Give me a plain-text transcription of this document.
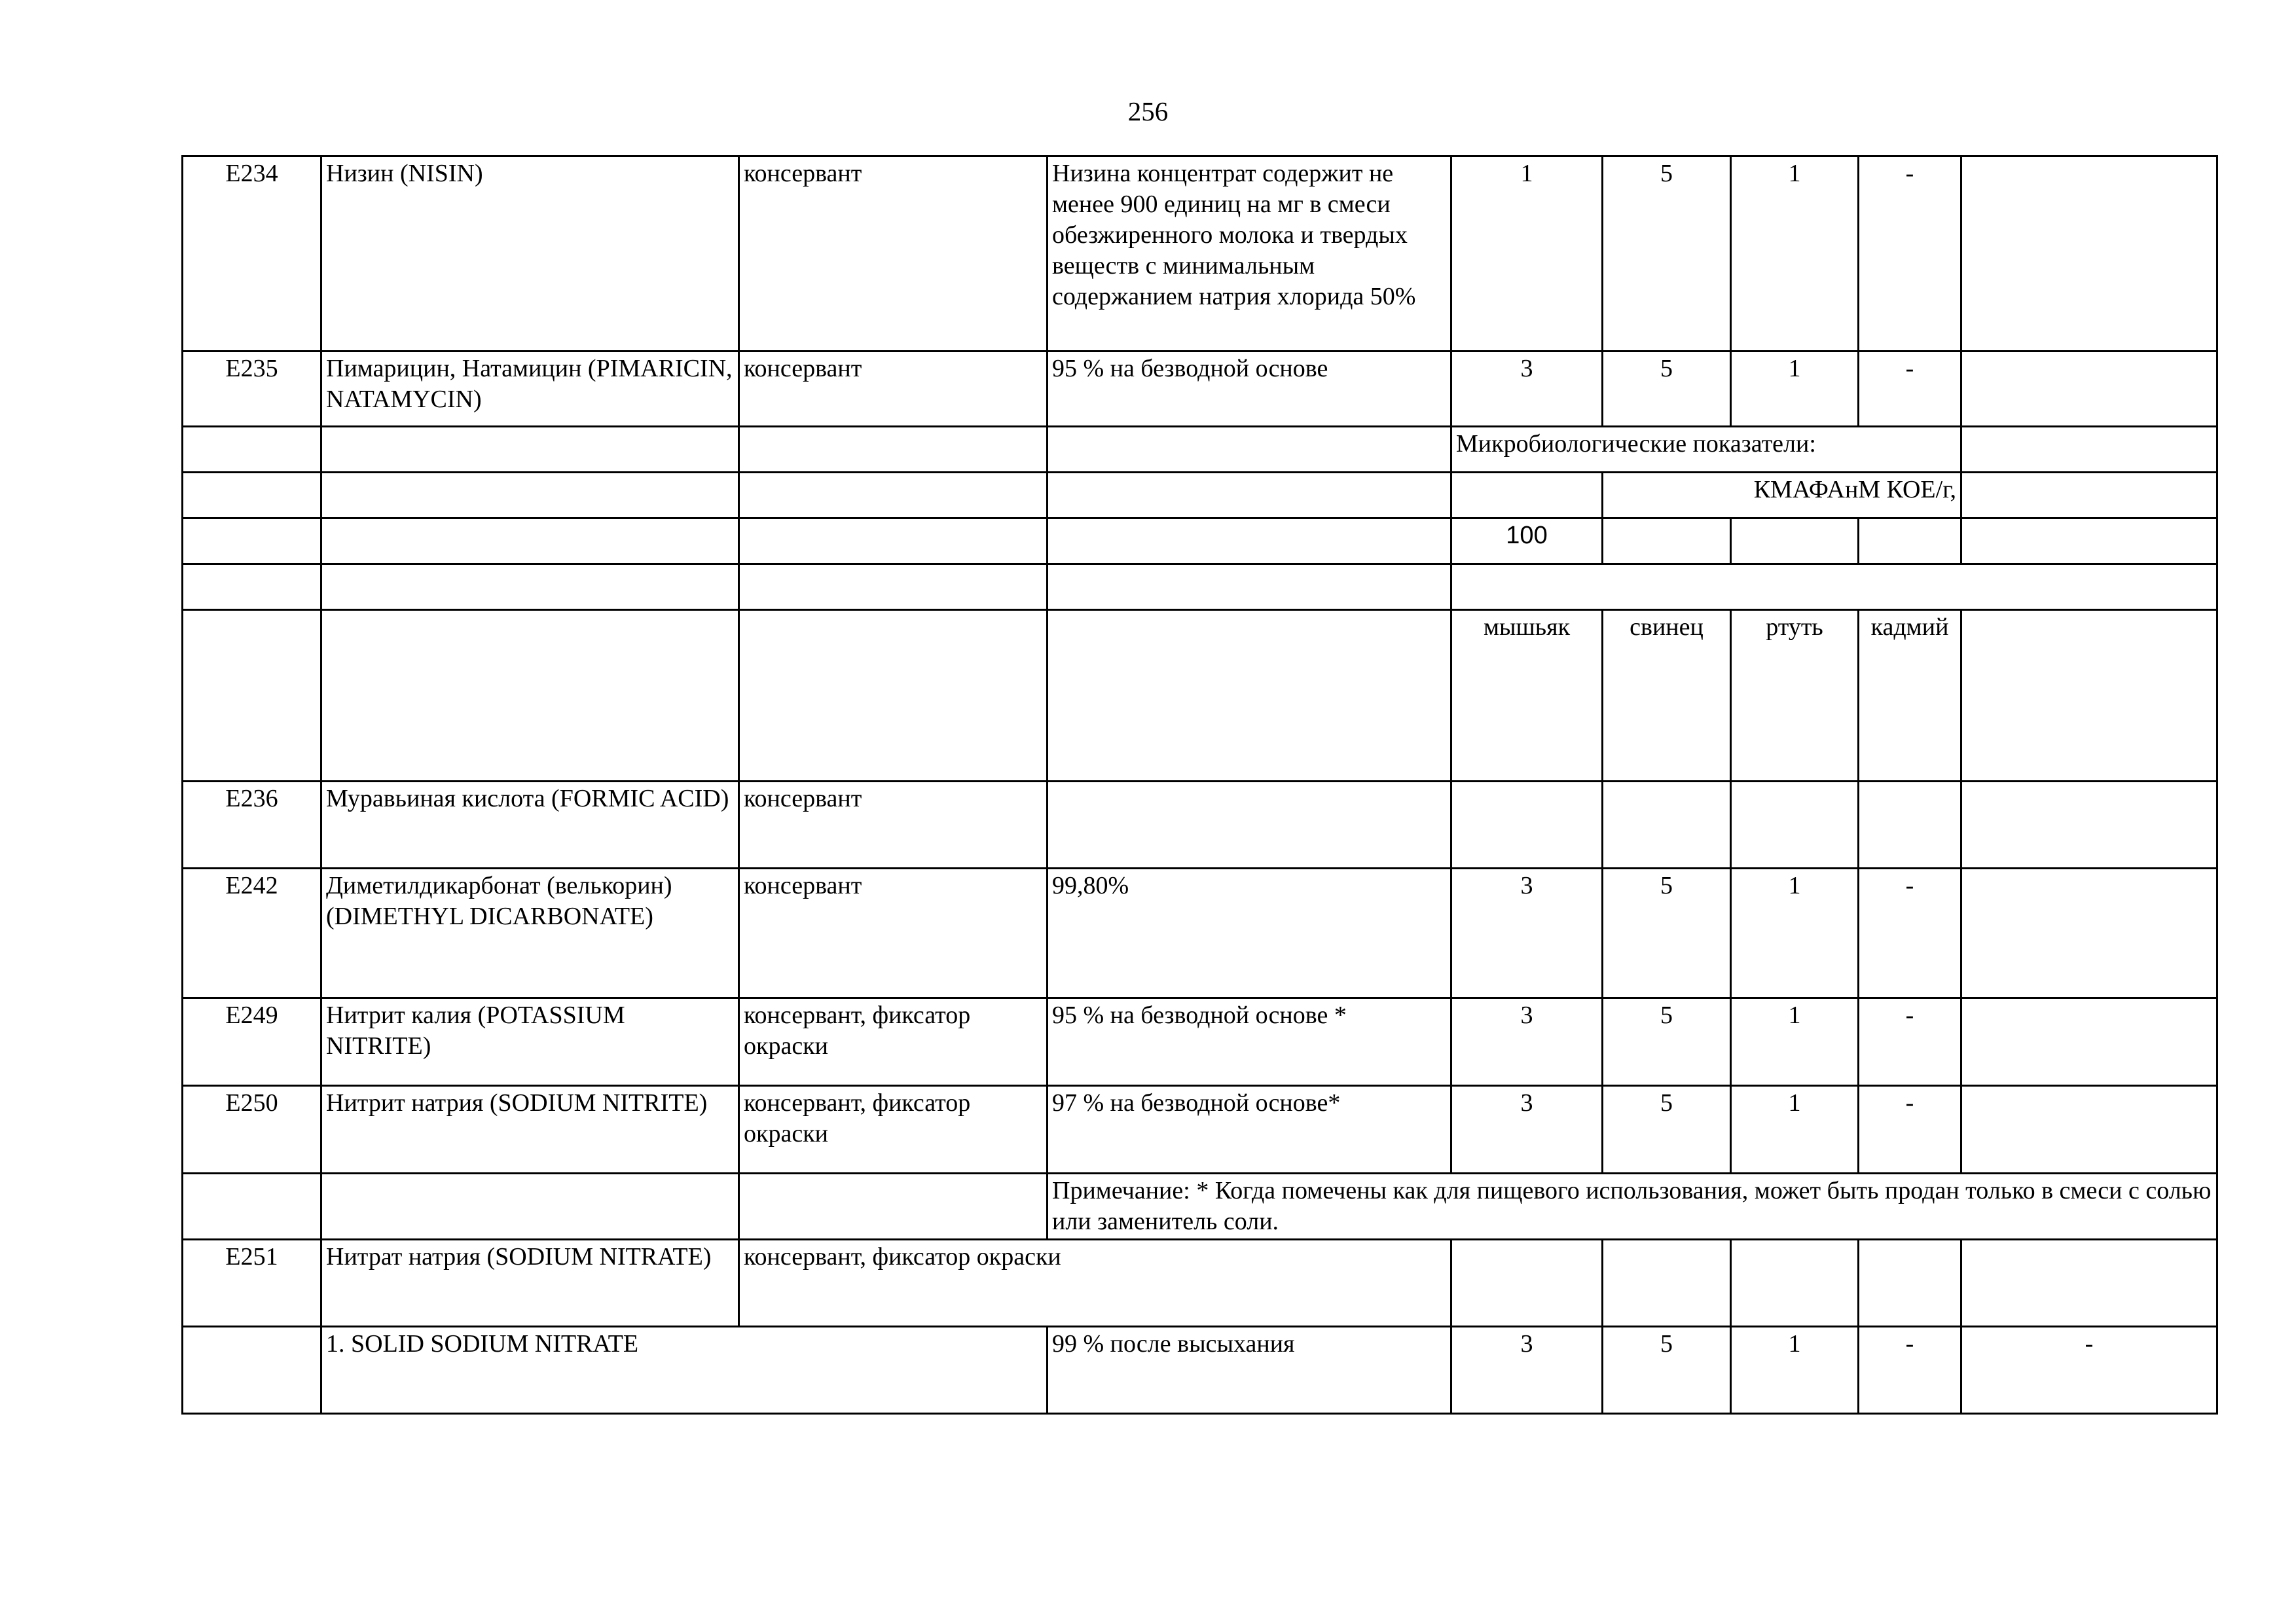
256
E234	Низин (NISIN)	консервант	Низина концентрат содержит не менее 900 единиц на мг в смеси обезжиренного молока и твердых веществ с минимальным содержанием натрия хлорида 50%	1	5	1	-	
E235	Пимарицин, Натамицин (PIMARICIN, NATAMYCIN)	консервант	95 % на безводной основе	3	5	1	-	
				Микробиологические показатели:				
					КМАФАнМ КОЕ/г,			
				100				

				мышьяк	свинец	ртуть	кадмий	
E236	Муравьиная кислота (FORMIC ACID)	консервант						
E242	Диметилдикарбонат (велькорин) (DIMETHYL DICARBONATE)	консервант	99,80%	3	5	1	-	
E249	Нитрит калия (POTASSIUM NITRITE)	консервант, фиксатор окраски	95 % на безводной основе *	3	5	1	-	
E250	Нитрит натрия (SODIUM NITRITE)	консервант, фиксатор окраски	97 % на безводной основе*	3	5	1	-	
			Примечание: * Когда помечены как для пищевого использования, может быть продан только в смеси с солью или заменитель соли.					
E251	Нитрат натрия (SODIUM NITRATE)	консервант, фиксатор окраски						
	1. SOLID SODIUM NITRATE		99 % после высыхания	3	5	1	-	-
